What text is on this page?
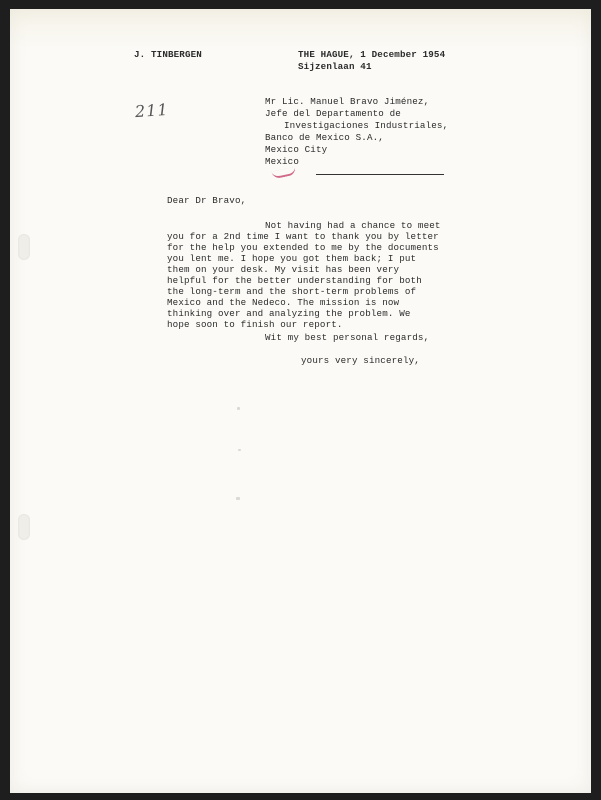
J. TINBERGEN	THE HAGUE, 1 December 1954

Sijzenlaan 41

211	Mr Lic. Manuel Bravo Jiménez,

Jefe del Departamento de

Investigaciones Industriales,

Banco de Mexico S.A.,

Mexico City

Mexico

Dear Dr Bravo,

Not having had a chance to meet

you for a 2nd time I want to thank you by letter

for the help you extended to me by the documents

you lent me. I hope you got them back; I put

them on your desk. My visit has been very

helpful for the better understanding for both

the long-term and the short-term problems of

Mexico and the Nedeco. The mission is now

thinking over and analyzing the problem. We

hope soon to finish our report.

Wit my best personal regards,

yours very sincerely,
